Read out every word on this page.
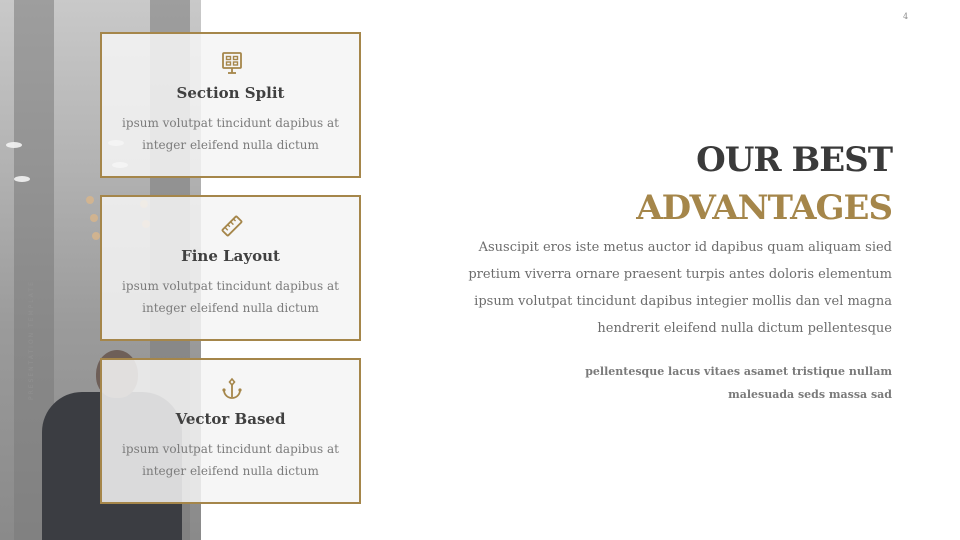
PRESENTATION TEMPLATE
Section Split
ipsum volutpat tincidunt dapibus at integer eleifend nulla dictum
Fine Layout
ipsum volutpat tincidunt dapibus at integer eleifend nulla dictum
Vector Based
ipsum volutpat tincidunt dapibus at integer eleifend nulla dictum
4
OUR BEST
ADVANTAGES
Asuscipit eros iste metus auctor id dapibus quam aliquam sied pretium viverra ornare praesent turpis antes doloris elementum ipsum volutpat tincidunt dapibus integier mollis dan vel magna hendrerit eleifend nulla dictum pellentesque
pellentesque lacus vitaes asamet tristique nullam malesuada seds massa sad
